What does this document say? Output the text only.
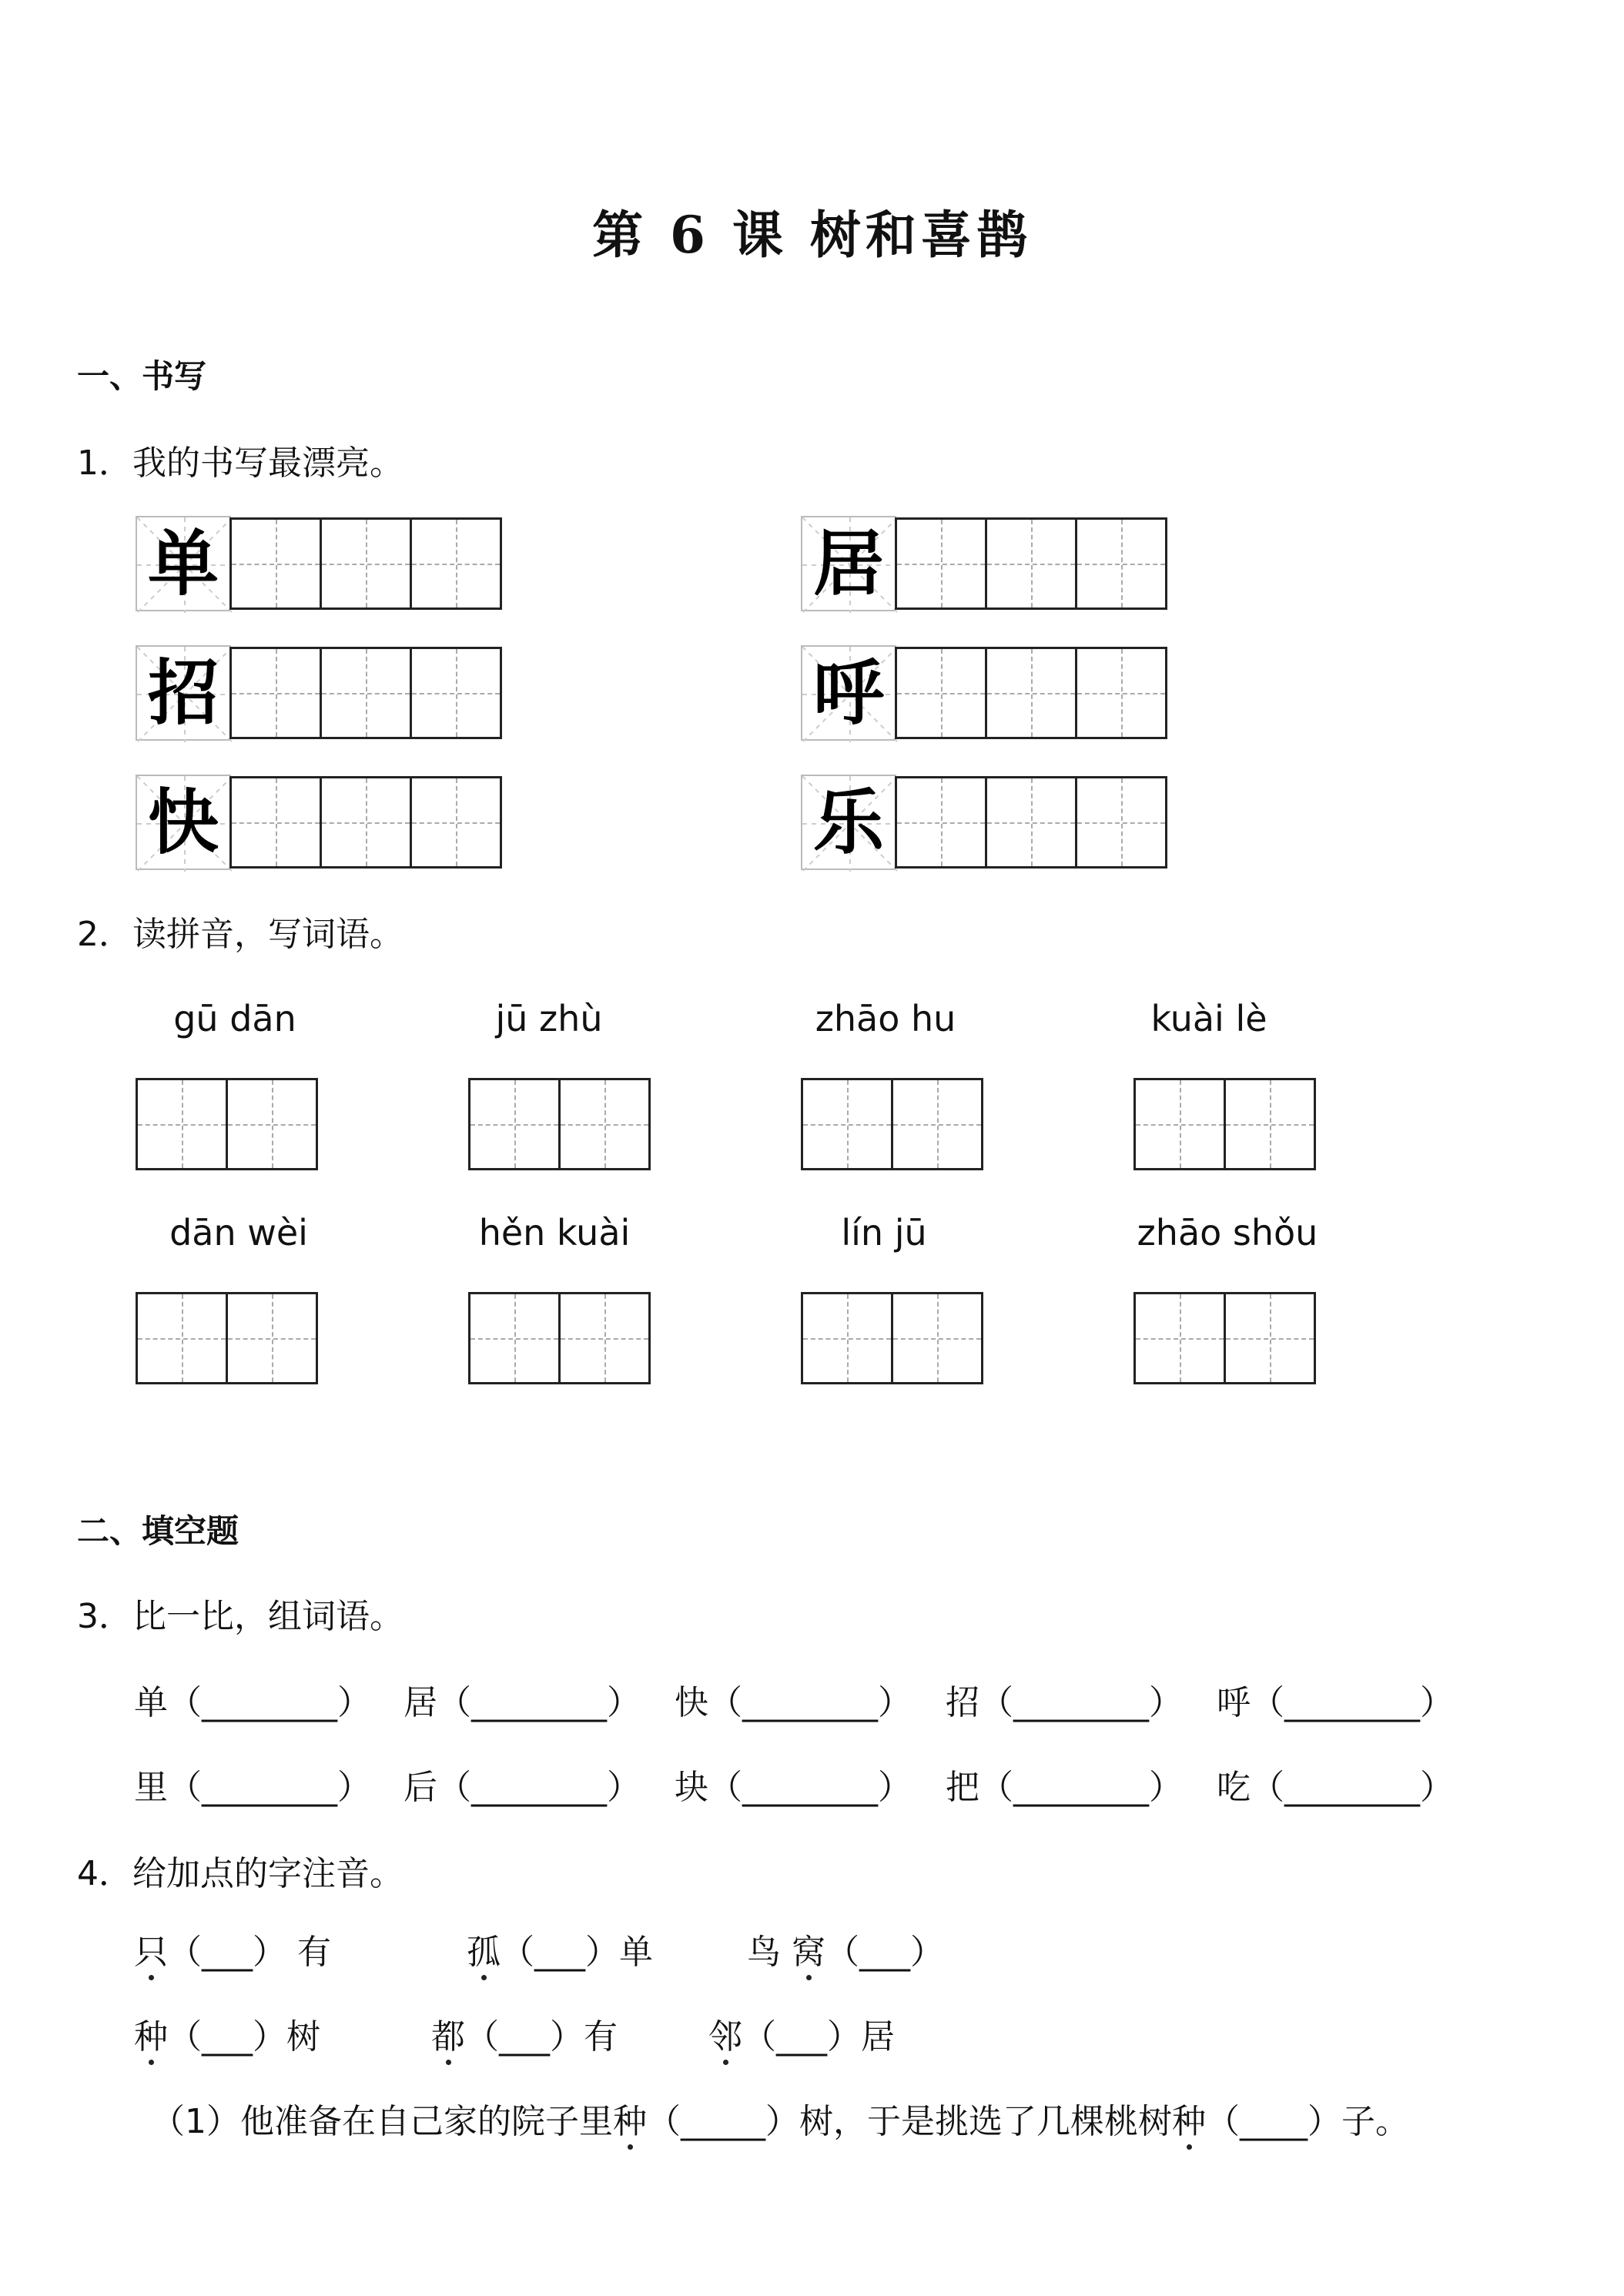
第 6 课 树和喜鹊
一、书写
1．我的书写最漂亮。
单
招
快
居
呼
乐
2．读拼音，写词语。
gū dān	jū zhù	zhāo hu	kuài lè
dān wèi	hěn kuài	lín jū	zhāo shǒu
二、填空题
3．比一比，组词语。
单（________） 居（________） 快（________） 招（________） 呼（________）
里（________） 后（________） 块（________） 把（________） 吃（________）
4．给加点的字注音。
只（___） 有	孤（___）单	鸟 窝（___）
种（___）树	都（___）有	邻（___）居
（1）他准备在自己家的院子里种（_____）树，于是挑选了几棵桃树种（____）子。
